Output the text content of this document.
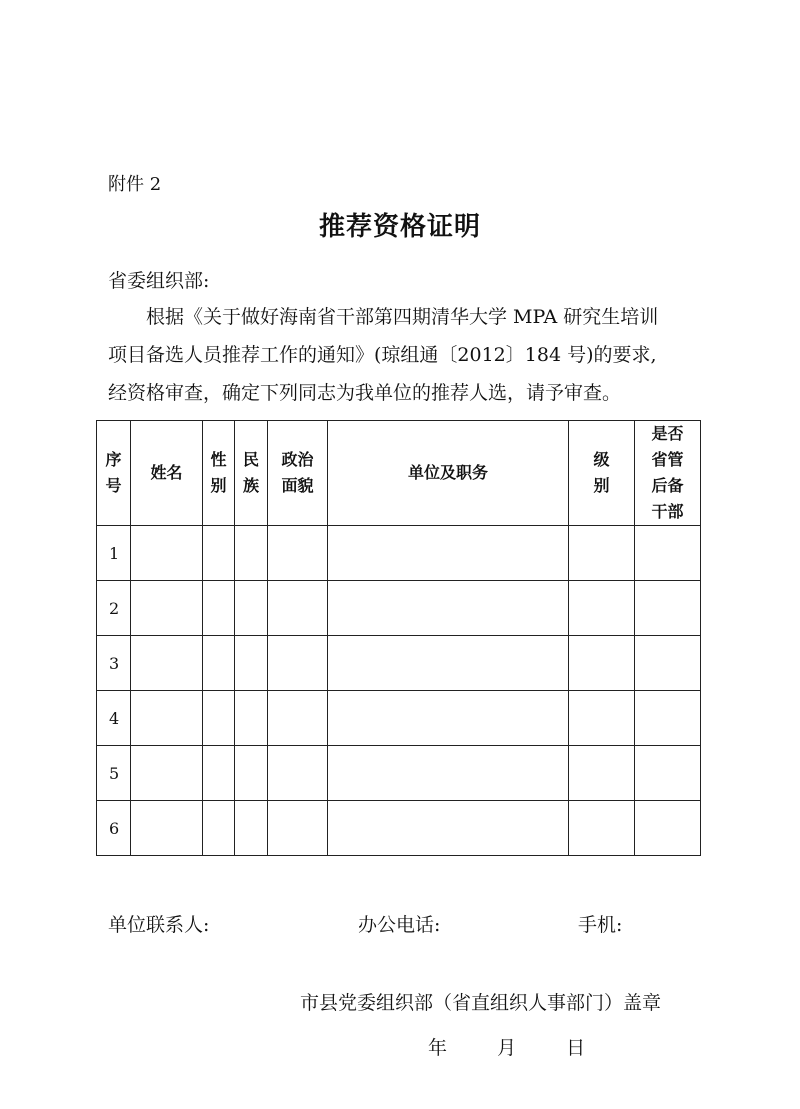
附件 2
推荐资格证明
省委组织部:
根据《关于做好海南省干部第四期清华大学 MPA 研究生培训
项目备选人员推荐工作的通知》(琼组通〔2012〕184 号)的要求,
经资格审查，确定下列同志为我单位的推荐人选，请予审查。
序号	姓名	性别	民族	政治面貌	单位及职务	级别	是否省管后备干部
1							
2							
3							
4							
5							
6							
单位联系人:	办公电话:	手机:
市县党委组织部（省直组织人事部门）盖章
年	月	日
